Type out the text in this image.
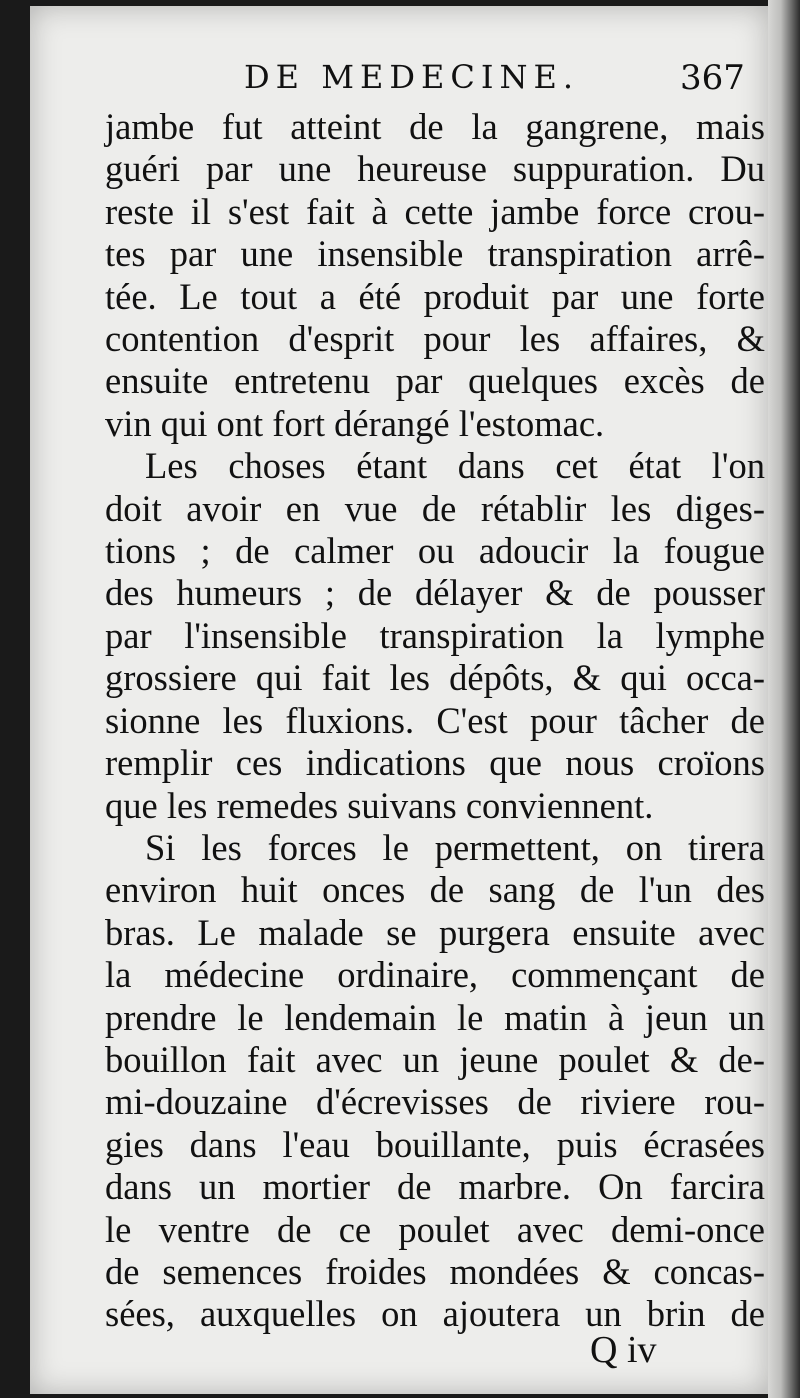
DE MEDECINE.	367
jambe fut atteint de la gangrene, mais
guéri par une heureuse suppuration. Du
reste il s'est fait à cette jambe force crou-
tes par une insensible transpiration arrê-
tée. Le tout a été produit par une forte
contention d'esprit pour les affaires, &
ensuite entretenu par quelques excès de
vin qui ont fort dérangé l'estomac.
Les choses étant dans cet état l'on
doit avoir en vue de rétablir les diges-
tions ; de calmer ou adoucir la fougue
des humeurs ; de délayer & de pousser
par l'insensible transpiration la lymphe
grossiere qui fait les dépôts, & qui occa-
sionne les fluxions. C'est pour tâcher de
remplir ces indications que nous croïons
que les remedes suivans conviennent.
Si les forces le permettent, on tirera
environ huit onces de sang de l'un des
bras. Le malade se purgera ensuite avec
la médecine ordinaire, commençant de
prendre le lendemain le matin à jeun un
bouillon fait avec un jeune poulet & de-
mi-douzaine d'écrevisses de riviere rou-
gies dans l'eau bouillante, puis écrasées
dans un mortier de marbre. On farcira
le ventre de ce poulet avec demi-once
de semences froides mondées & concas-
sées, auxquelles on ajoutera un brin de
Q iv
